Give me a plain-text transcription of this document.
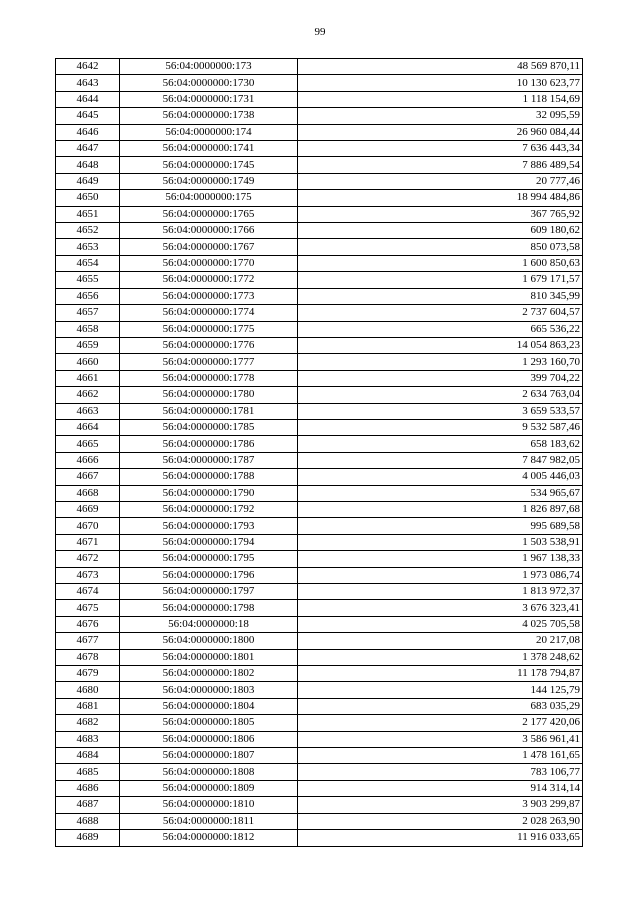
99
4642	56:04:0000000:173	48 569 870,11
4643	56:04:0000000:1730	10 130 623,77
4644	56:04:0000000:1731	1 118 154,69
4645	56:04:0000000:1738	32 095,59
4646	56:04:0000000:174	26 960 084,44
4647	56:04:0000000:1741	7 636 443,34
4648	56:04:0000000:1745	7 886 489,54
4649	56:04:0000000:1749	20 777,46
4650	56:04:0000000:175	18 994 484,86
4651	56:04:0000000:1765	367 765,92
4652	56:04:0000000:1766	609 180,62
4653	56:04:0000000:1767	850 073,58
4654	56:04:0000000:1770	1 600 850,63
4655	56:04:0000000:1772	1 679 171,57
4656	56:04:0000000:1773	810 345,99
4657	56:04:0000000:1774	2 737 604,57
4658	56:04:0000000:1775	665 536,22
4659	56:04:0000000:1776	14 054 863,23
4660	56:04:0000000:1777	1 293 160,70
4661	56:04:0000000:1778	399 704,22
4662	56:04:0000000:1780	2 634 763,04
4663	56:04:0000000:1781	3 659 533,57
4664	56:04:0000000:1785	9 532 587,46
4665	56:04:0000000:1786	658 183,62
4666	56:04:0000000:1787	7 847 982,05
4667	56:04:0000000:1788	4 005 446,03
4668	56:04:0000000:1790	534 965,67
4669	56:04:0000000:1792	1 826 897,68
4670	56:04:0000000:1793	995 689,58
4671	56:04:0000000:1794	1 503 538,91
4672	56:04:0000000:1795	1 967 138,33
4673	56:04:0000000:1796	1 973 086,74
4674	56:04:0000000:1797	1 813 972,37
4675	56:04:0000000:1798	3 676 323,41
4676	56:04:0000000:18	4 025 705,58
4677	56:04:0000000:1800	20 217,08
4678	56:04:0000000:1801	1 378 248,62
4679	56:04:0000000:1802	11 178 794,87
4680	56:04:0000000:1803	144 125,79
4681	56:04:0000000:1804	683 035,29
4682	56:04:0000000:1805	2 177 420,06
4683	56:04:0000000:1806	3 586 961,41
4684	56:04:0000000:1807	1 478 161,65
4685	56:04:0000000:1808	783 106,77
4686	56:04:0000000:1809	914 314,14
4687	56:04:0000000:1810	3 903 299,87
4688	56:04:0000000:1811	2 028 263,90
4689	56:04:0000000:1812	11 916 033,65
